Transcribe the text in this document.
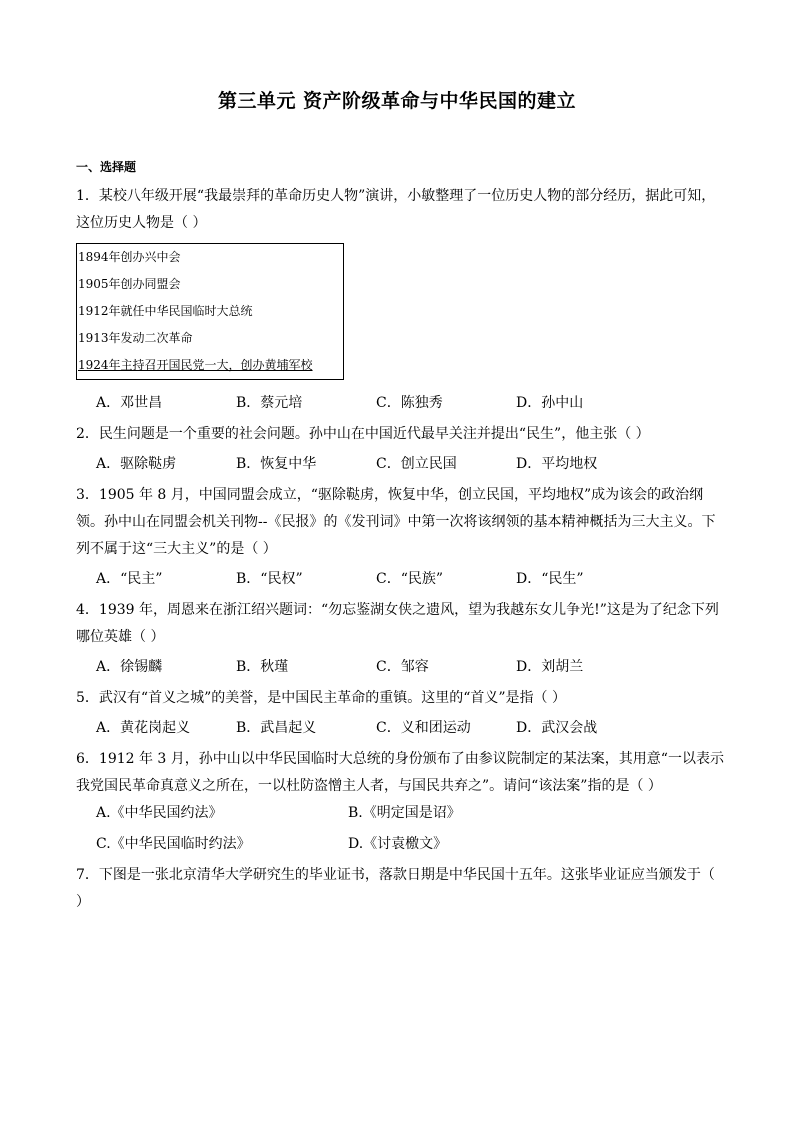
第三单元 资产阶级革命与中华民国的建立
一、选择题

1．某校八年级开展“我最崇拜的革命历史人物”演讲，小敏整理了一位历史人物的部分经历，据此可知，这位历史人物是（ ）

1894年创办兴中会
1905年创办同盟会
1912年就任中华民国临时大总统
1913年发动二次革命
1924年主持召开国民党一大，创办黄埔军校
A．邓世昌	B．蔡元培	C．陈独秀	D．孙中山

2．民生问题是一个重要的社会问题。孙中山在中国近代最早关注并提出“民生”，他主张（ ）

A．驱除鞑虏	B．恢复中华	C．创立民国	D．平均地权

3．1905 年 8 月，中国同盟会成立，“驱除鞑虏，恢复中华，创立民国，平均地权”成为该会的政治纲领。孙中山在同盟会机关刊物--《民报》的《发刊词》中第一次将该纲领的基本精神概括为三大主义。下列不属于这“三大主义”的是（ ）

A．“民主”	B．“民权”	C．“民族”	D．“民生”

4．1939 年，周恩来在浙江绍兴题词：“勿忘鉴湖女侠之遗风，望为我越东女儿争光!”这是为了纪念下列哪位英雄（ ）

A．徐锡麟	B．秋瑾	C．邹容	D．刘胡兰

5．武汉有“首义之城”的美誉，是中国民主革命的重镇。这里的“首义”是指（ ）

A．黄花岗起义	B．武昌起义	C．义和团运动	D．武汉会战

6．1912 年 3 月，孙中山以中华民国临时大总统的身份颁布了由参议院制定的某法案，其用意“一以表示我党国民革命真意义之所在，一以杜防盗憎主人者，与国民共弃之”。请问“该法案”指的是（ ）

A.《中华民国约法》	B.《明定国是诏》
C.《中华民国临时约法》	D.《讨袁檄文》

7．下图是一张北京清华大学研究生的毕业证书，落款日期是中华民国十五年。这张毕业证应当颁发于（ ）
